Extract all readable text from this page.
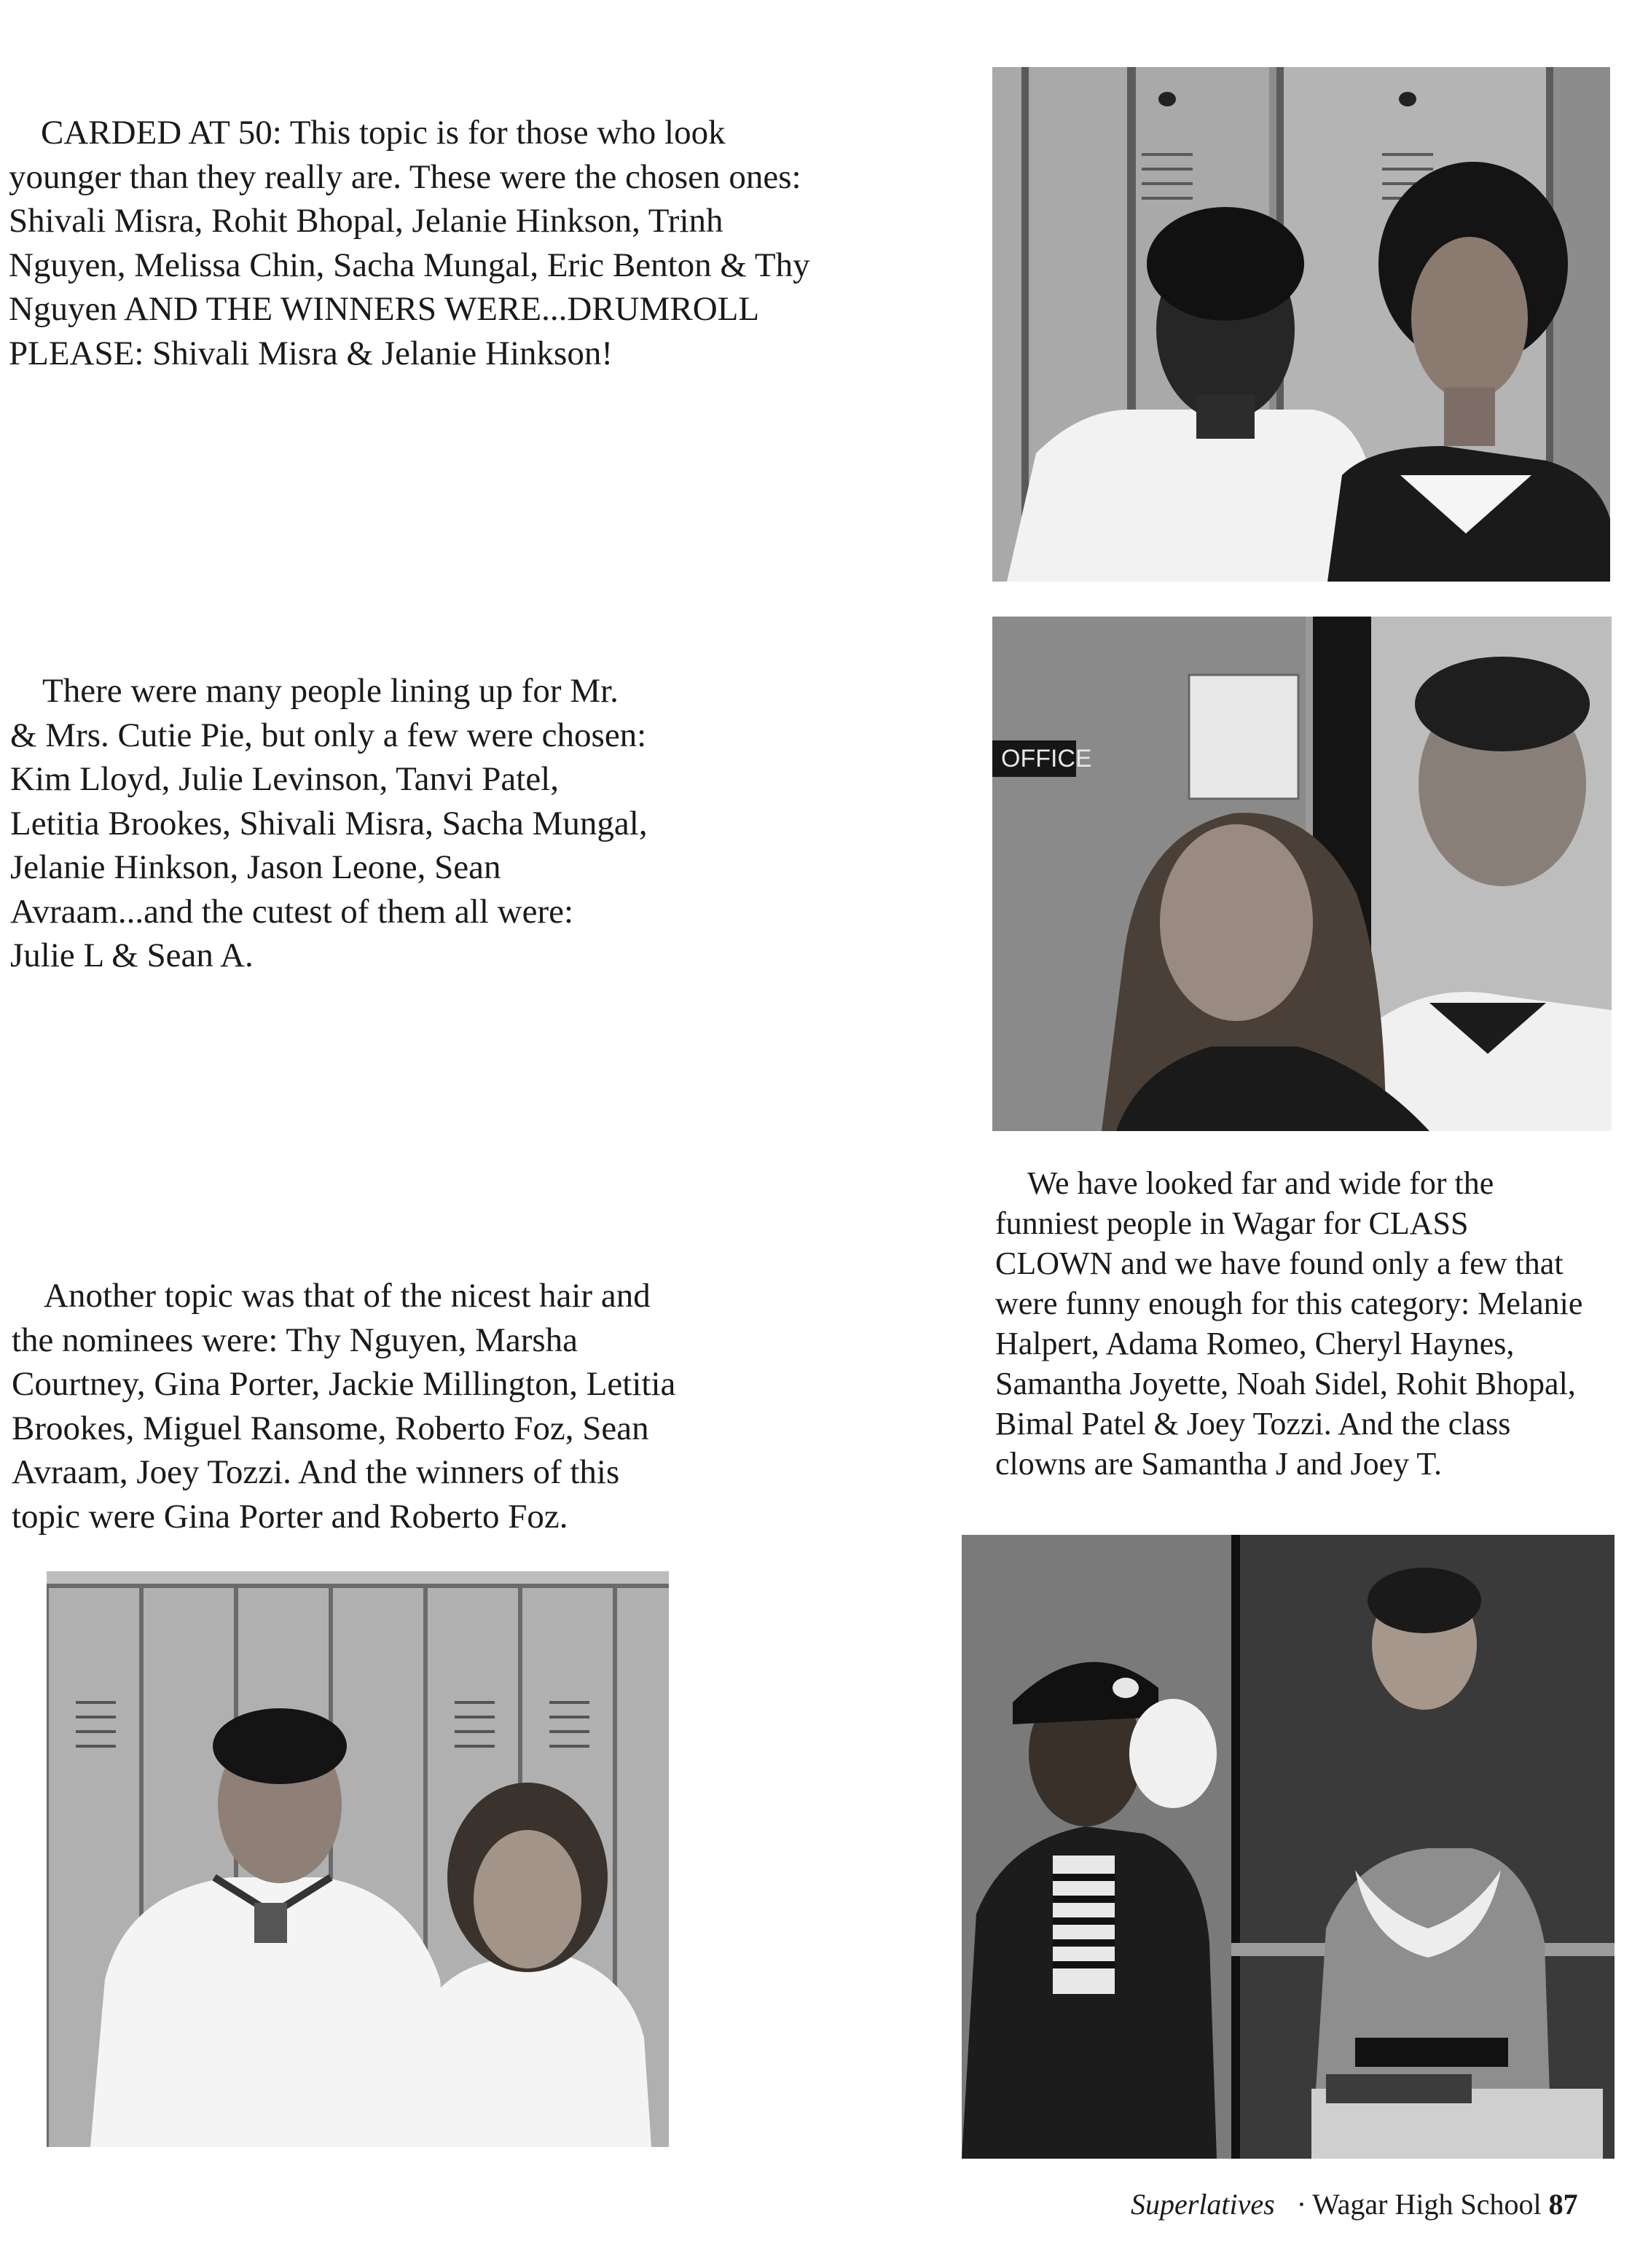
CARDED AT 50: This topic is for those who look
younger than they really are. These were the chosen ones:
Shivali Misra, Rohit Bhopal, Jelanie Hinkson, Trinh
Nguyen, Melissa Chin, Sacha Mungal, Eric Benton & Thy
Nguyen AND THE WINNERS WERE...DRUMROLL
PLEASE: Shivali Misra & Jelanie Hinkson!
There were many people lining up for Mr.
& Mrs. Cutie Pie, but only a few were chosen:
Kim Lloyd, Julie Levinson, Tanvi Patel,
Letitia Brookes, Shivali Misra, Sacha Mungal,
Jelanie Hinkson, Jason Leone, Sean
Avraam...and the cutest of them all were:
Julie L & Sean A.
Another topic was that of the nicest hair and
the nominees were: Thy Nguyen, Marsha
Courtney, Gina Porter, Jackie Millington, Letitia
Brookes, Miguel Ransome, Roberto Foz, Sean
Avraam, Joey Tozzi. And the winners of this
topic were Gina Porter and Roberto Foz.
We have looked far and wide for the
funniest people in Wagar for CLASS
CLOWN and we have found only a few that
were funny enough for this category: Melanie
Halpert, Adama Romeo, Cheryl Haynes,
Samantha Joyette, Noah Sidel, Rohit Bhopal,
Bimal Patel & Joey Tozzi. And the class
clowns are Samantha J and Joey T.
OFFICE
Superlatives · Wagar High School 87
